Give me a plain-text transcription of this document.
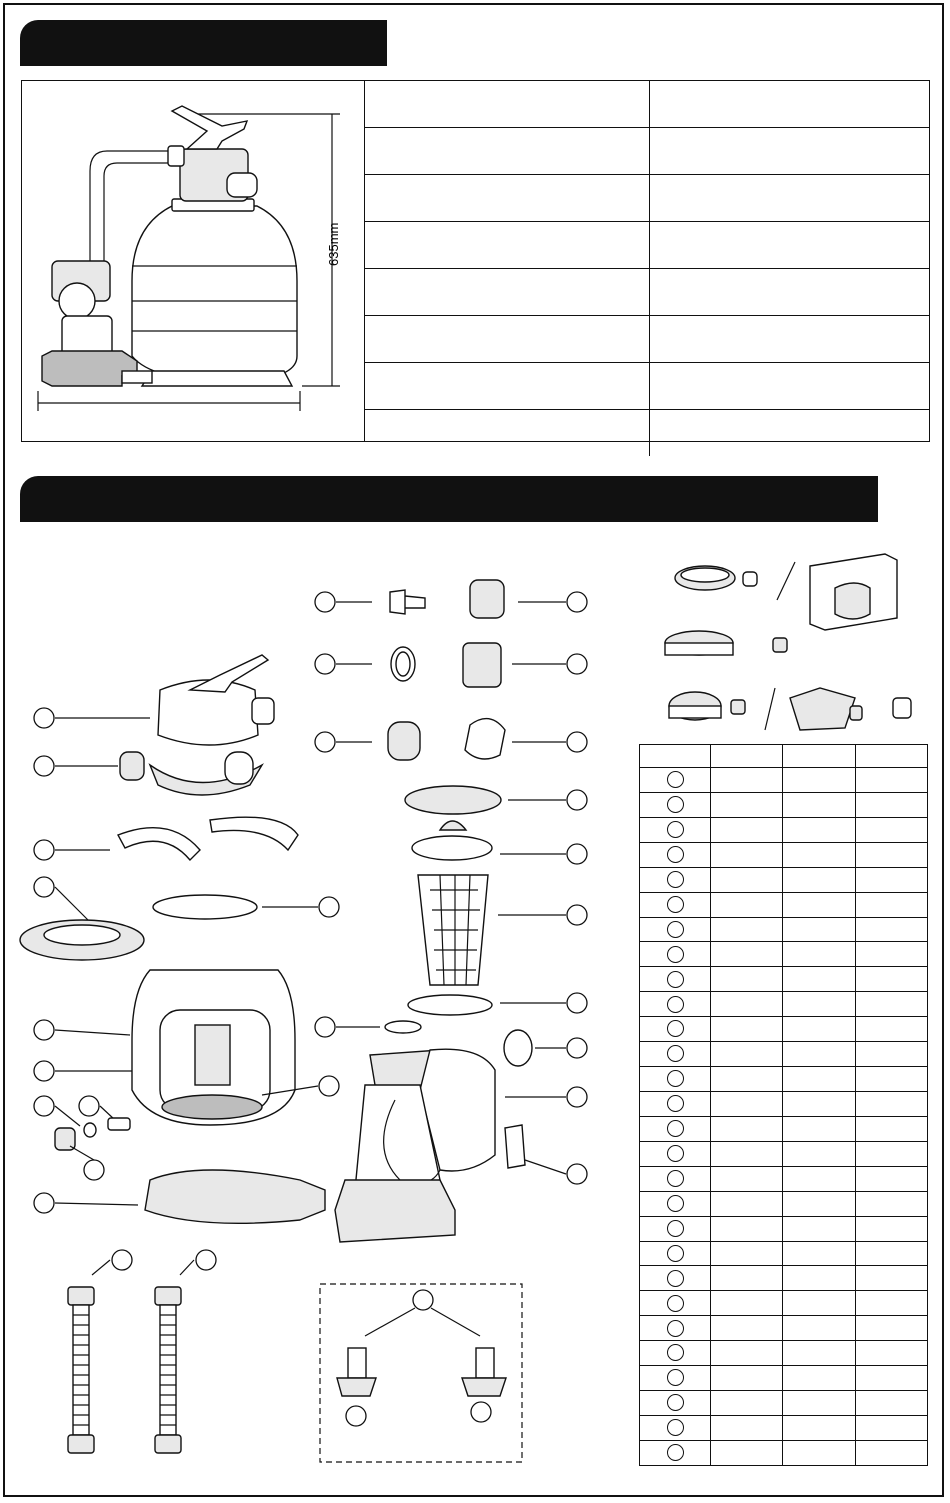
635mm
